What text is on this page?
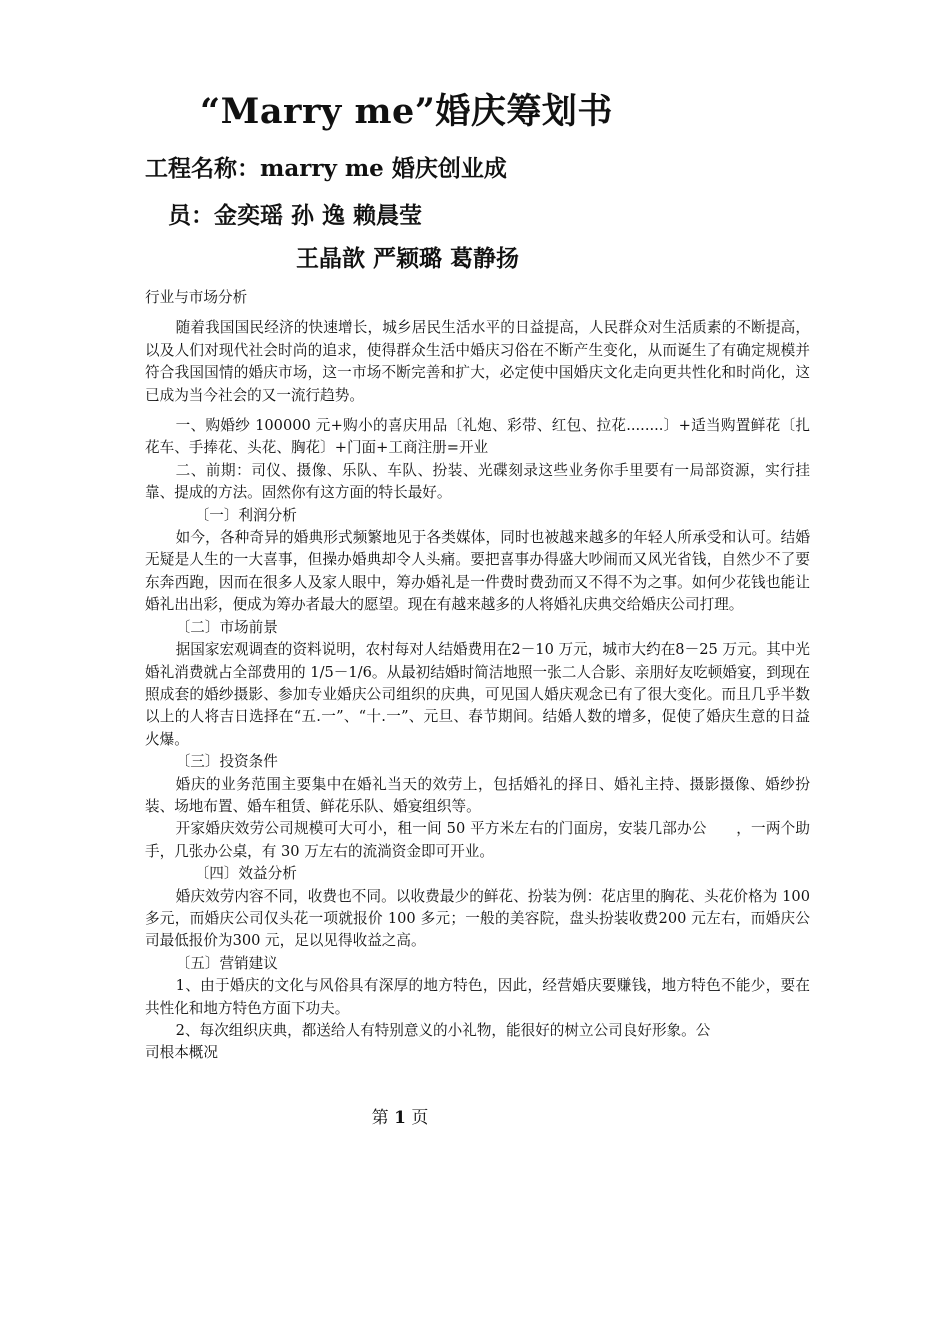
“Marry me”婚庆筹划书
工程名称：marry me 婚庆创业成
员：金奕瑶 孙 逸 赖晨莹
王晶歆 严颖璐 葛静扬

行业与市场分析

随着我国国民经济的快速增长，城乡居民生活水平的日益提高，人民群众对生活质素的不断提高，以及人们对现代社会时尚的追求，使得群众生活中婚庆习俗在不断产生变化，从而诞生了有确定规模并符合我国国情的婚庆市场，这一市场不断完善和扩大，必定使中国婚庆文化走向更共性化和时尚化，这已成为当今社会的又一流行趋势。

一、购婚纱 100000 元+购小的喜庆用品〔礼炮、彩带、红包、拉花........〕+适当购置鲜花〔扎花车、手捧花、头花、胸花〕+门面+工商注册=开业

二、前期：司仪、摄像、乐队、车队、扮装、光碟刻录这些业务你手里要有一局部资源，实行挂靠、提成的方法。固然你有这方面的特长最好。

〔一〕利润分析

如今，各种奇异的婚典形式频繁地见于各类媒体，同时也被越来越多的年轻人所承受和认可。结婚无疑是人生的一大喜事，但操办婚典却令人头痛。要把喜事办得盛大吵闹而又风光省钱，自然少不了要东奔西跑，因而在很多人及家人眼中，筹办婚礼是一件费时费劲而又不得不为之事。如何少花钱也能让婚礼出出彩，便成为筹办者最大的愿望。现在有越来越多的人将婚礼庆典交给婚庆公司打理。

〔二〕市场前景

据国家宏观调查的资料说明，农村每对人结婚费用在2－10 万元，城市大约在8－25 万元。其中光婚礼消费就占全部费用的 1/5－1/6。从最初结婚时简洁地照一张二人合影、亲朋好友吃顿婚宴，到现在照成套的婚纱摄影、参加专业婚庆公司组织的庆典，可见国人婚庆观念已有了很大变化。而且几乎半数以上的人将吉日选择在“五.一”、“十.一”、元旦、春节期间。结婚人数的增多，促使了婚庆生意的日益火爆。

〔三〕投资条件

婚庆的业务范围主要集中在婚礼当天的效劳上，包括婚礼的择日、婚礼主持、摄影摄像、婚纱扮装、场地布置、婚车租赁、鲜花乐队、婚宴组织等。

开家婚庆效劳公司规模可大可小，租一间 50 平方米左右的门面房，安装几部办公　　，一两个助手，几张办公桌，有 30 万左右的流淌资金即可开业。

〔四〕效益分析

婚庆效劳内容不同，收费也不同。以收费最少的鲜花、扮装为例：花店里的胸花、头花价格为 100 多元，而婚庆公司仅头花一项就报价 100 多元；一般的美容院，盘头扮装收费200 元左右，而婚庆公司最低报价为300 元，足以见得收益之高。

〔五〕营销建议

1、由于婚庆的文化与风俗具有深厚的地方特色，因此，经营婚庆要赚钱，地方特色不能少，要在共性化和地方特色方面下功夫。

2、每次组织庆典，都送给人有特别意义的小礼物，能很好的树立公司良好形象。公

司根本概况

第 1 页
